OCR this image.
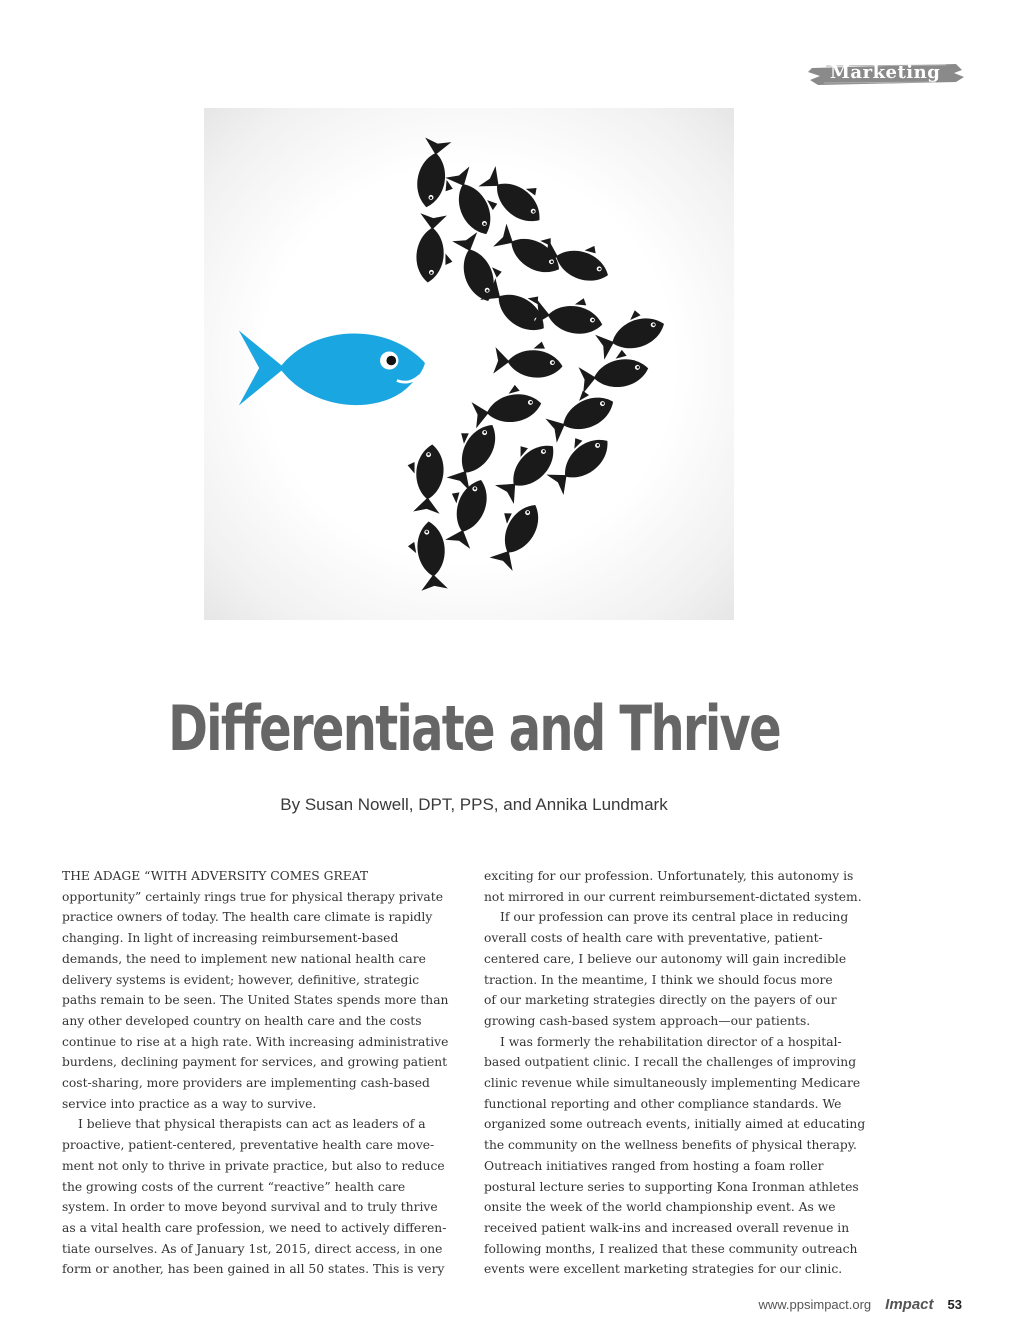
Marketing
Differentiate and Thrive
By Susan Nowell, DPT, PPS, and Annika Lundmark
THE ADAGE “WITH ADVERSITY COMES GREAT
opportunity” certainly rings true for physical therapy private
practice owners of today. The health care climate is rapidly
changing. In light of increasing reimbursement-based
demands, the need to implement new national health care
delivery systems is evident; however, definitive, strategic
paths remain to be seen. The United States spends more than
any other developed country on health care and the costs
continue to rise at a high rate. With increasing administrative
burdens, declining payment for services, and growing patient
cost-sharing, more providers are implementing cash-based
service into practice as a way to survive.
I believe that physical therapists can act as leaders of a
proactive, patient-centered, preventative health care move-
ment not only to thrive in private practice, but also to reduce
the growing costs of the current “reactive” health care
system. In order to move beyond survival and to truly thrive
as a vital health care profession, we need to actively differen-
tiate ourselves. As of January 1st, 2015, direct access, in one
form or another, has been gained in all 50 states. This is very
exciting for our profession. Unfortunately, this autonomy is
not mirrored in our current reimbursement-dictated system.
If our profession can prove its central place in reducing
overall costs of health care with preventative, patient-
centered care, I believe our autonomy will gain incredible
traction. In the meantime, I think we should focus more
of our marketing strategies directly on the payers of our
growing cash-based system approach—our patients.
I was formerly the rehabilitation director of a hospital-
based outpatient clinic. I recall the challenges of improving
clinic revenue while simultaneously implementing Medicare
functional reporting and other compliance standards. We
organized some outreach events, initially aimed at educating
the community on the wellness benefits of physical therapy.
Outreach initiatives ranged from hosting a foam roller
postural lecture series to supporting Kona Ironman athletes
onsite the week of the world championship event. As we
received patient walk-ins and increased overall revenue in
following months, I realized that these community outreach
events were excellent marketing strategies for our clinic.
www.ppsimpact.org Impact 53
